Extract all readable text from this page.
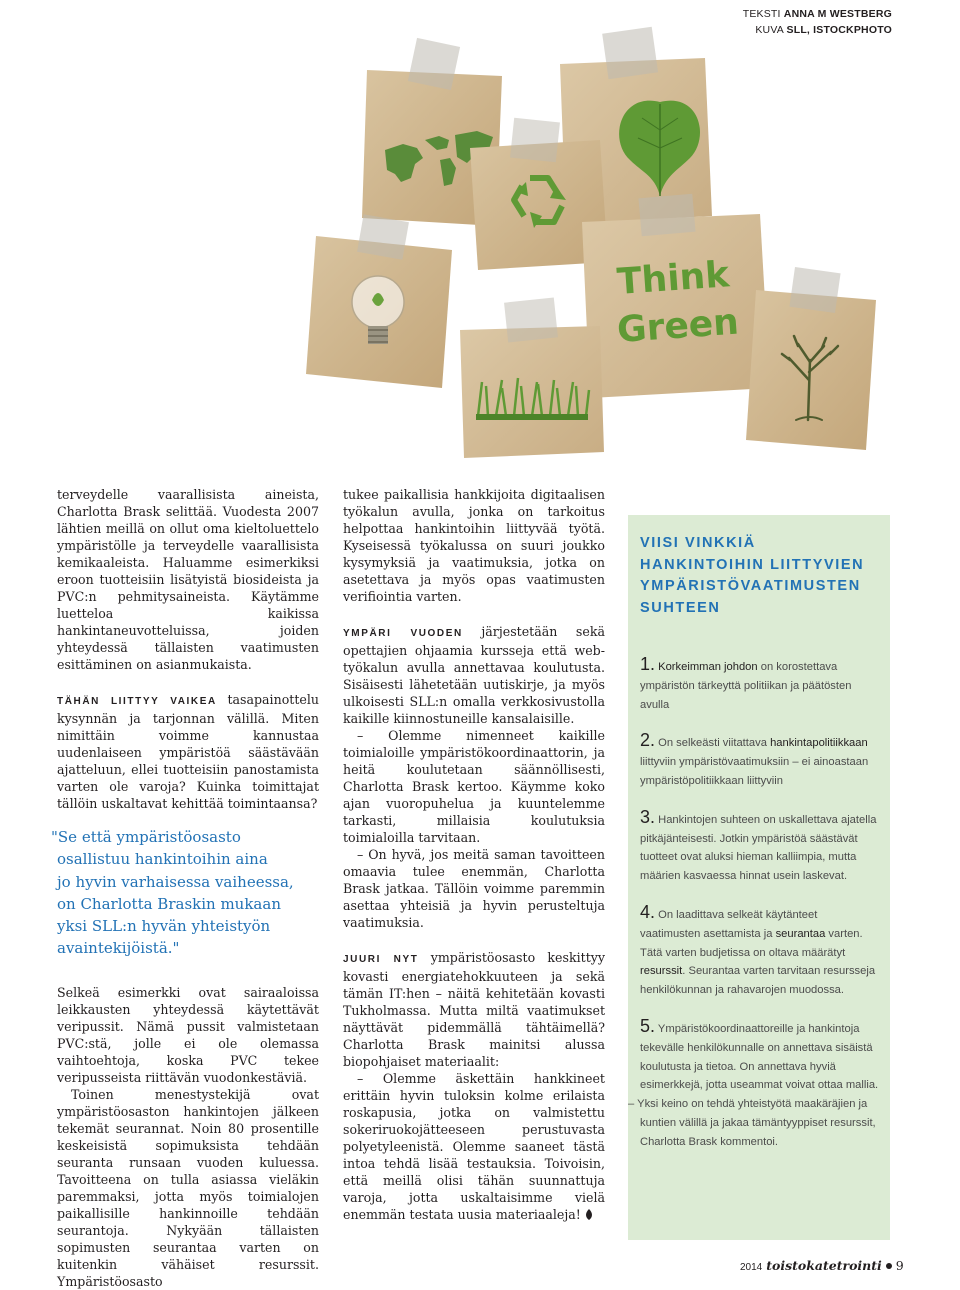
TEKSTI ANNA M WESTBERG
KUVA SLL, ISTOCKPHOTO
Think
Green

terveydelle vaarallisista aineista, Charlotta Brask selittää. Vuodesta 2007 lähtien meillä on ollut oma kieltoluettelo ympäristölle ja terveydelle vaarallisista kemikaaleista. Haluamme esimerkiksi eroon tuotteisiin lisätyistä biosideista ja PVC:n pehmitysaineista. Käytämme luetteloa kaikissa hankintaneuvotteluissa, joiden yhteydessä tällaisten vaatimusten esittäminen on asianmukaista.

TÄHÄN LIITTYY VAIKEA tasapainottelu kysynnän ja tarjonnan välillä. Miten nimittäin voimme kannustaa uudenlaiseen ympäristöä säästävään ajatteluun, ellei tuotteisiin panostamista varten ole varoja? Kuinka toimittajat tällöin uskaltavat kehittää toimintaansa?

"Se että ympäristöosasto
osallistuu hankintoihin aina
jo hyvin varhaisessa vaiheessa,
on Charlotta Braskin mukaan
yksi SLL:n hyvän yhteistyön
avaintekijöistä."

Selkeä esimerkki ovat sairaaloissa leikkausten yhteydessä käytettävät veripussit. Nämä pussit valmistetaan PVC:stä, jolle ei ole olemassa vaihtoehtoja, koska PVC tekee veripusseista riittävän vuodonkestäviä.

Toinen menestystekijä ovat ympäristöosaston hankintojen jälkeen tekemät seurannat. Noin 80 prosentille keskeisistä sopimuksista tehdään seuranta runsaan vuoden kuluessa. Tavoitteena on tulla asiassa vieläkin paremmaksi, jotta myös toimialojen paikallisille hankinnoille tehdään seurantoja. Nykyään tällaisten sopimusten seurantaa varten on kuitenkin vähäiset resurssit. Ympäristöosasto

tukee paikallisia hankkijoita digitaalisen työkalun avulla, jonka on tarkoitus helpottaa hankintoihin liittyvää työtä. Kyseisessä työkalussa on suuri joukko kysymyksiä ja vaatimuksia, jotka on asetettava ja myös opas vaatimusten verifiointia varten.

YMPÄRI VUODEN järjestetään sekä opettajien ohjaamia kursseja että web-työkalun avulla annettavaa koulutusta. Sisäisesti lähetetään uutiskirje, ja myös ulkoisesti SLL:n omalla verkkosivustolla kaikille kiinnostuneille kansalaisille.

– Olemme nimenneet kaikille toimialoille ympäristökoordinaattorin, ja heitä koulutetaan säännöllisesti, Charlotta Brask kertoo. Käymme koko ajan vuoropuhelua ja kuuntelemme tarkasti, millaisia koulutuksia toimialoilla tarvitaan.

– On hyvä, jos meitä saman tavoitteen omaavia tulee enemmän, Charlotta Brask jatkaa. Tällöin voimme paremmin asettaa yhteisiä ja hyvin perusteltuja vaatimuksia.

JUURI NYT ympäristöosasto keskittyy kovasti energiatehokkuuteen ja sekä tämän IT:hen – näitä kehitetään kovasti Tukholmassa. Mutta miltä vaatimukset näyttävät pidemmällä tähtäimellä? Charlotta Brask mainitsi alussa biopohjaiset materiaalit:

– Olemme äskettäin hankkineet erittäin hyvin tuloksin kolme erilaista roskapusia, jotka on valmistettu sokeriruokojätteeseen perustuvasta polyetyleenistä. Olemme saaneet tästä intoa tehdä lisää testauksia. Toivoisin, että meillä olisi tähän suunnattuja varoja, jotta uskaltaisimme vielä enemmän testata uusia materiaaleja!

VIISI VINKKIÄ HANKINTOIHIN LIITTYVIEN YMPÄRISTÖVAATIMUSTEN SUHTEEN
1. Korkeimman johdon on korostettava ympäristön tärkeyttä politiikan ja päätösten avulla
2. On selkeästi viitattava hankintapolitiikkaan liittyviin ympäristövaatimuksiin – ei ainoastaan ympäristöpolitiikkaan liittyviin
3. Hankintojen suhteen on uskallettava ajatella pitkäjänteisesti. Jotkin ympäristöä säästävät tuotteet ovat aluksi hieman kalliimpia, mutta määrien kasvaessa hinnat usein laskevat.
4. On laadittava selkeät käytänteet vaatimusten asettamista ja seurantaa varten. Tätä varten budjetissa on oltava määrätyt resurssit. Seurantaa varten tarvitaan resursseja henkilökunnan ja rahavarojen muodossa.
5. Ympäristökoordinaattoreille ja hankintoja tekevälle henkilökunnalle on annettava sisäistä koulutusta ja tietoa. On annettava hyviä esimerkkejä, jotta useammat voivat ottaa mallia.
– Yksi keino on tehdä yhteistyötä maakäräjien ja kuntien välillä ja jakaa tämäntyyppiset resurssit, Charlotta Brask kommentoi.
2014 toistokatetrointi 9
